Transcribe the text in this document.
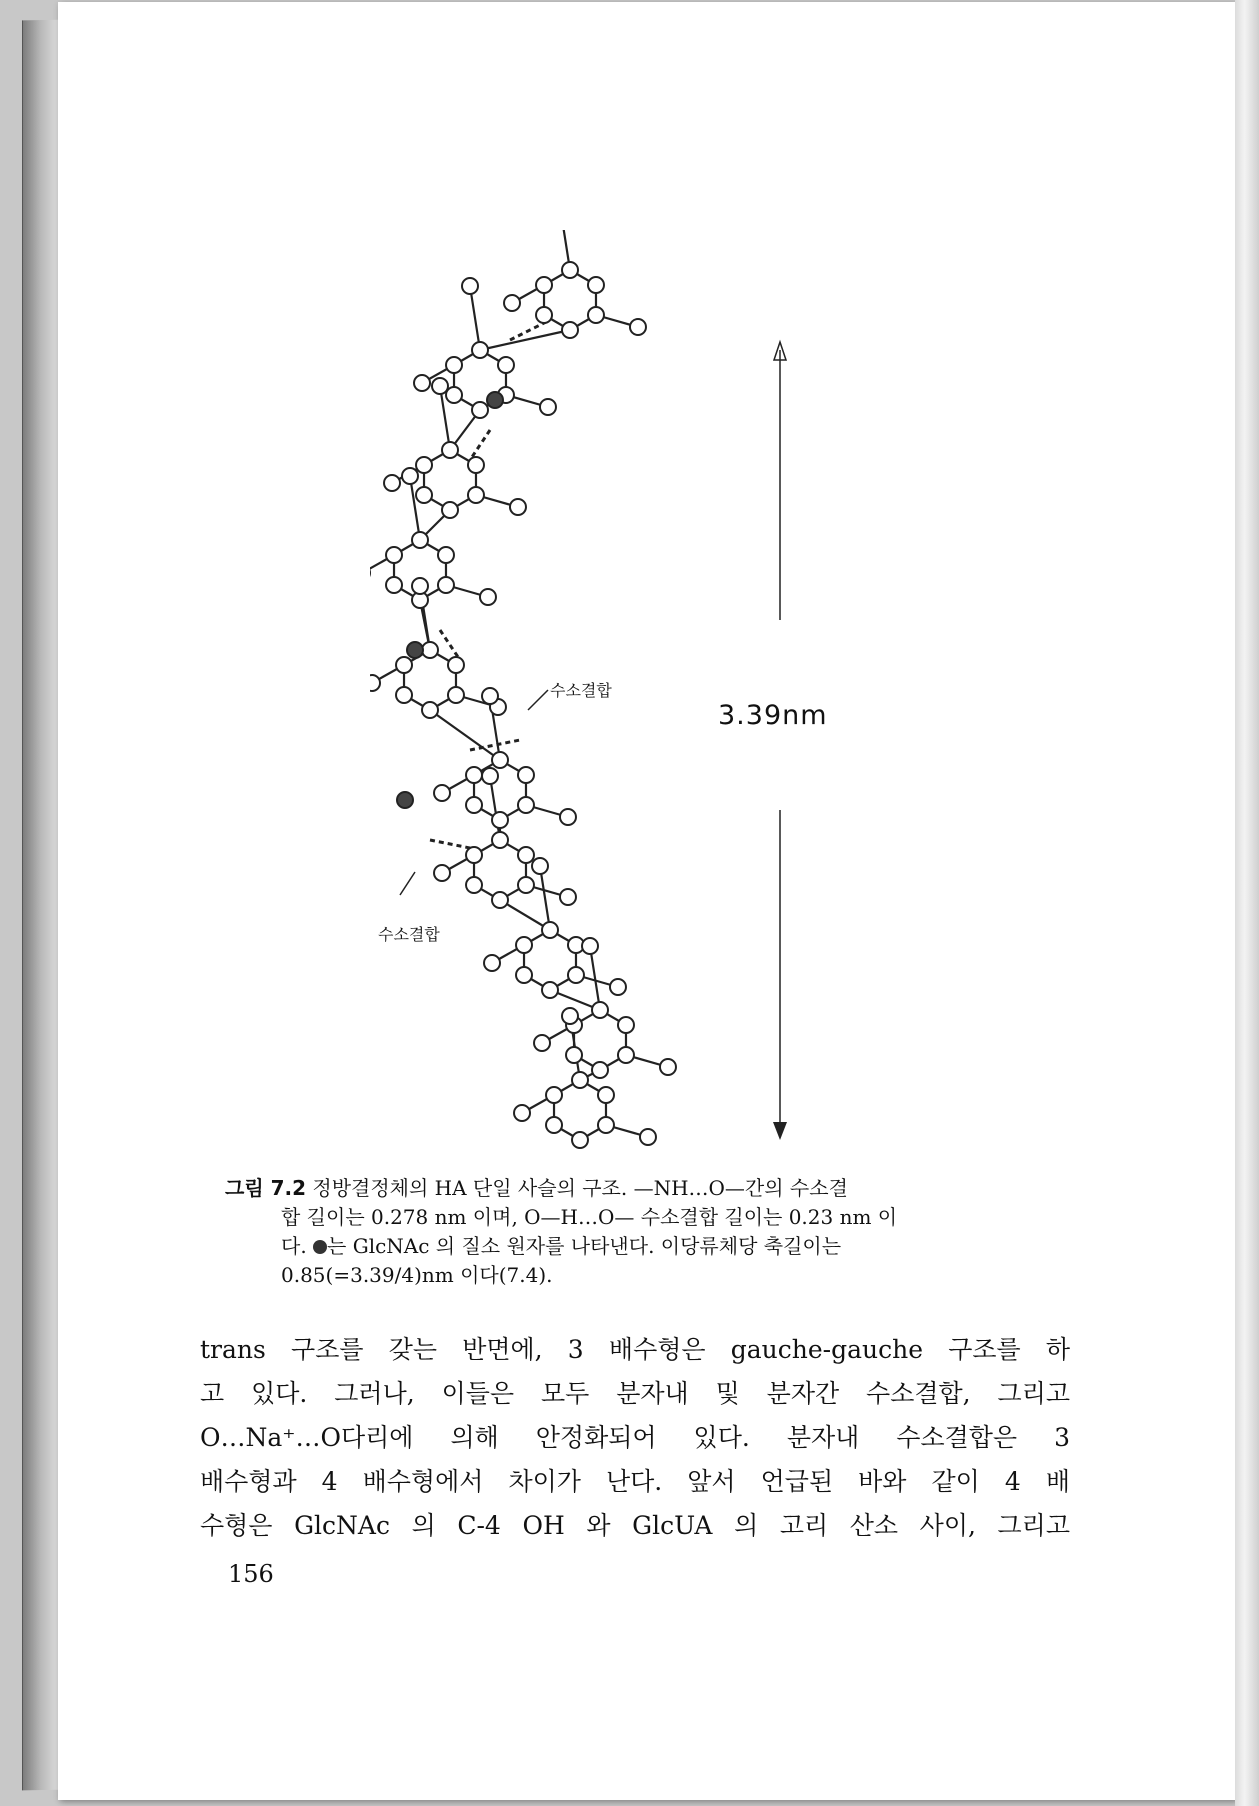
수소결합
수소결합
3.39nm
그림 7.2 정방결정체의 HA 단일 사슬의 구조. —NH…O—간의 수소결
합 길이는 0.278 nm 이며, O—H…O— 수소결합 길이는 0.23 nm 이
다. 는 GlcNAc 의 질소 원자를 나타낸다. 이당류체당 축길이는
0.85(=3.39/4)nm 이다(7.4).
trans 구조를 갖는 반면에, 3 배수형은 gauche-gauche 구조를 하
고 있다. 그러나, 이들은 모두 분자내 및 분자간 수소결합, 그리고
O…Na⁺…O다리에 의해 안정화되어 있다. 분자내 수소결합은 3
배수형과 4 배수형에서 차이가 난다. 앞서 언급된 바와 같이 4 배
수형은 GlcNAc 의 C-4 OH 와 GlcUA 의 고리 산소 사이, 그리고
156
